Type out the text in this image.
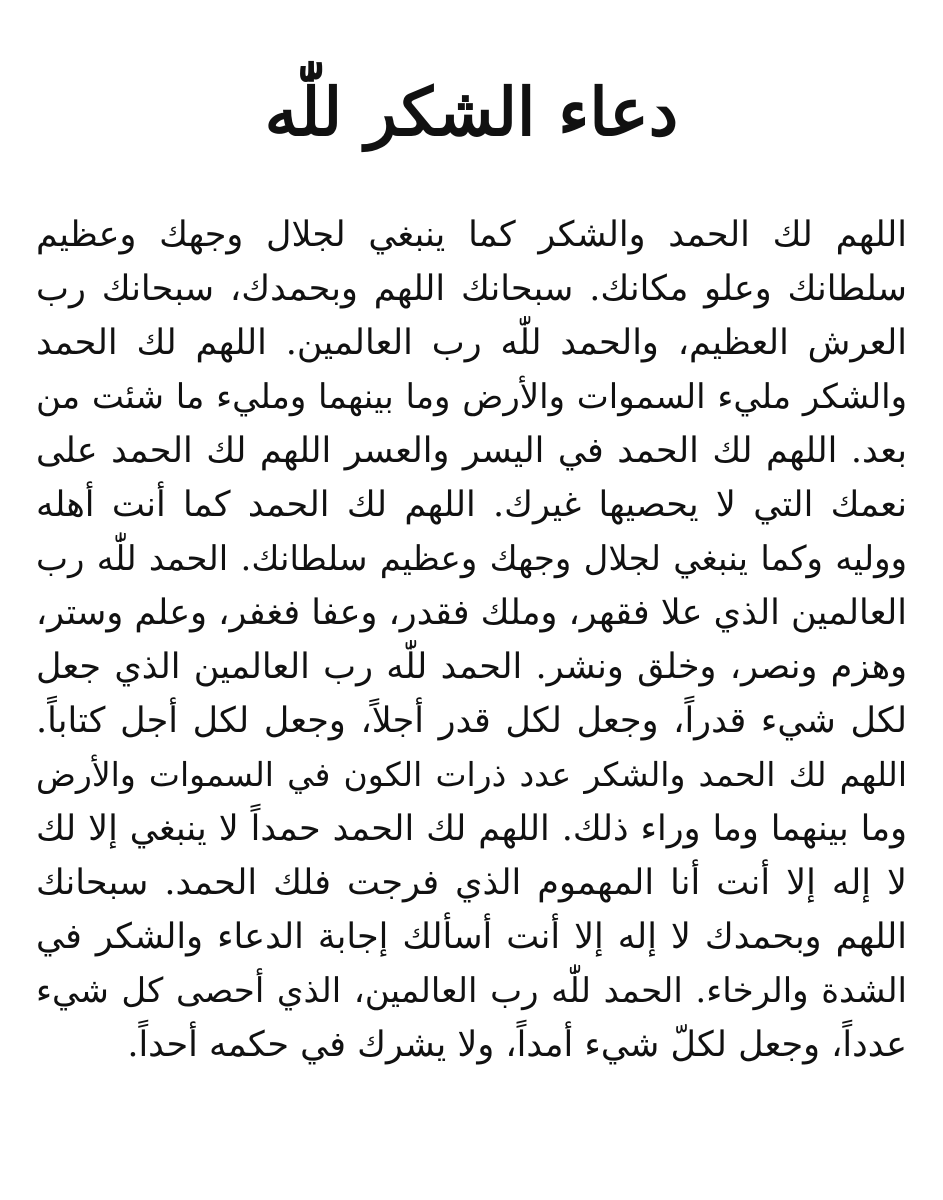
دعاء الشكر للّٰه
اللهم لك الحمد والشكر كما ينبغي لجلال وجهك وعظيم
سلطانك وعلو مكانك. سبحانك اللهم وبحمدك، سبحانك رب
العرش العظيم، والحمد للّٰه رب العالمين. اللهم لك الحمد
والشكر مليء السموات والأرض وما بينهما ومليء ما شئت من
بعد. اللهم لك الحمد في اليسر والعسر اللهم لك الحمد على
نعمك التي لا يحصيها غيرك. اللهم لك الحمد كما أنت أهله
ووليه وكما ينبغي لجلال وجهك وعظيم سلطانك. الحمد للّٰه رب
العالمين الذي علا فقهر، وملك فقدر، وعفا فغفر، وعلم وستر،
وهزم ونصر، وخلق ونشر. الحمد للّٰه رب العالمين الذي جعل
لكل شيء قدراً، وجعل لكل قدر أجلاً، وجعل لكل أجل كتاباً.
اللهم لك الحمد والشكر عدد ذرات الكون في السموات والأرض
وما بينهما وما وراء ذلك. اللهم لك الحمد حمداً لا ينبغي إلا لك
لا إله إلا أنت أنا المهموم الذي فرجت فلك الحمد. سبحانك
اللهم وبحمدك لا إله إلا أنت أسألك إجابة الدعاء والشكر في
الشدة والرخاء. الحمد للّٰه رب العالمين، الذي أحصى كل شيء
عدداً، وجعل لكلّ شيء أمداً، ولا يشرك في حكمه أحداً.
